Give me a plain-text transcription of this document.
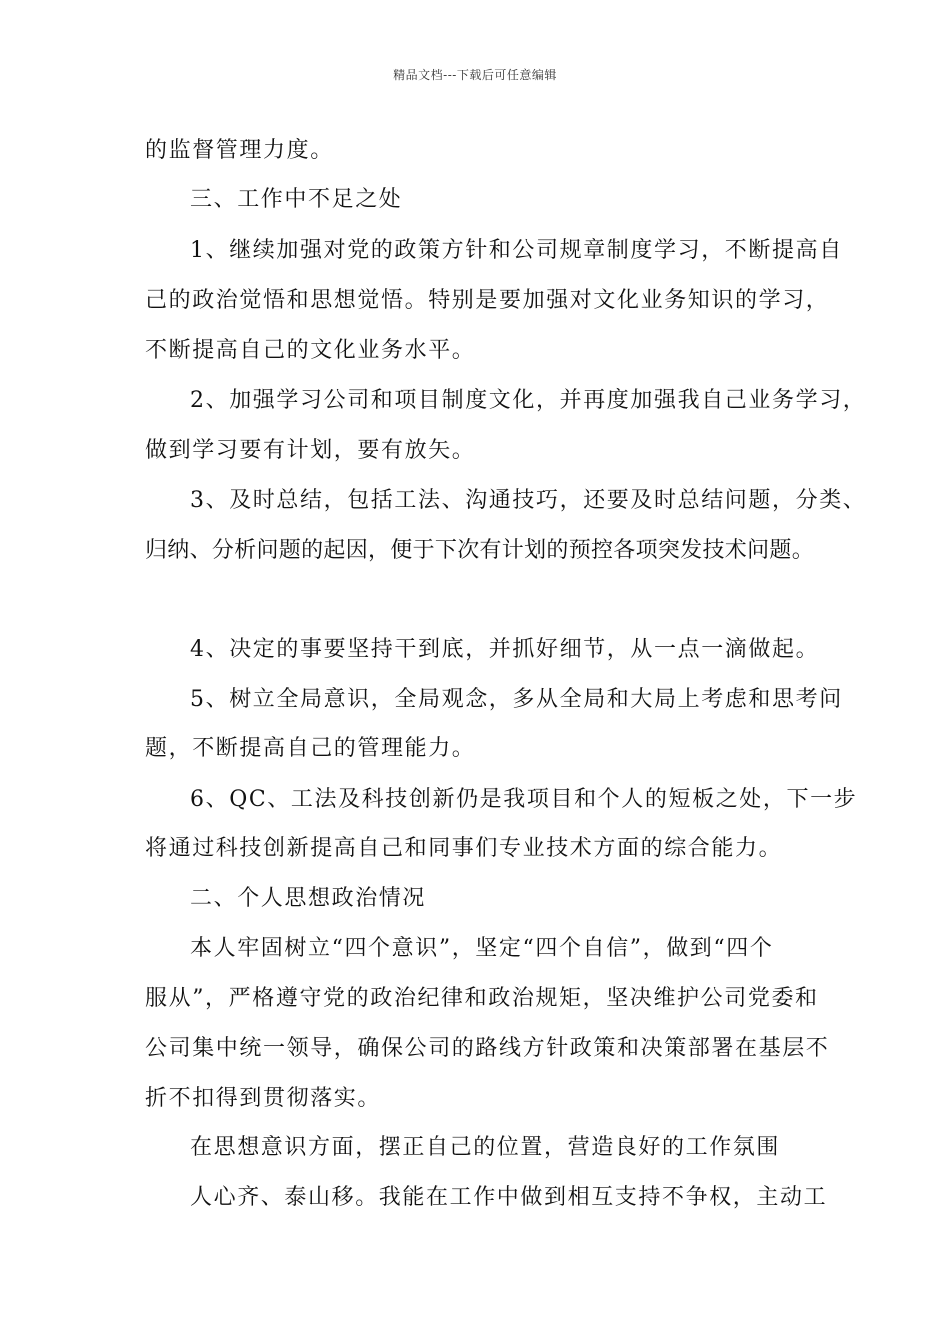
精品文档---下载后可任意编辑
的监督管理力度。
三、工作中不足之处
1、继续加强对党的政策方针和公司规章制度学习，不断提高自
己的政治觉悟和思想觉悟。特别是要加强对文化业务知识的学习，
不断提高自己的文化业务水平。
2、加强学习公司和项目制度文化，并再度加强我自己业务学习，
做到学习要有计划，要有放矢。
3、及时总结，包括工法、沟通技巧，还要及时总结问题，分类、
归纳、分析问题的起因，便于下次有计划的预控各项突发技术问题。
4、决定的事要坚持干到底，并抓好细节，从一点一滴做起。
5、树立全局意识，全局观念，多从全局和大局上考虑和思考问
题，不断提高自己的管理能力。
6、QC、工法及科技创新仍是我项目和个人的短板之处，下一步
将通过科技创新提高自己和同事们专业技术方面的综合能力。
二、个人思想政治情况
本人牢固树立“四个意识”，坚定“四个自信”，做到“四个
服从”，严格遵守党的政治纪律和政治规矩，坚决维护公司党委和
公司集中统一领导，确保公司的路线方针政策和决策部署在基层不
折不扣得到贯彻落实。
在思想意识方面，摆正自己的位置，营造良好的工作氛围
人心齐、泰山移。我能在工作中做到相互支持不争权，主动工
